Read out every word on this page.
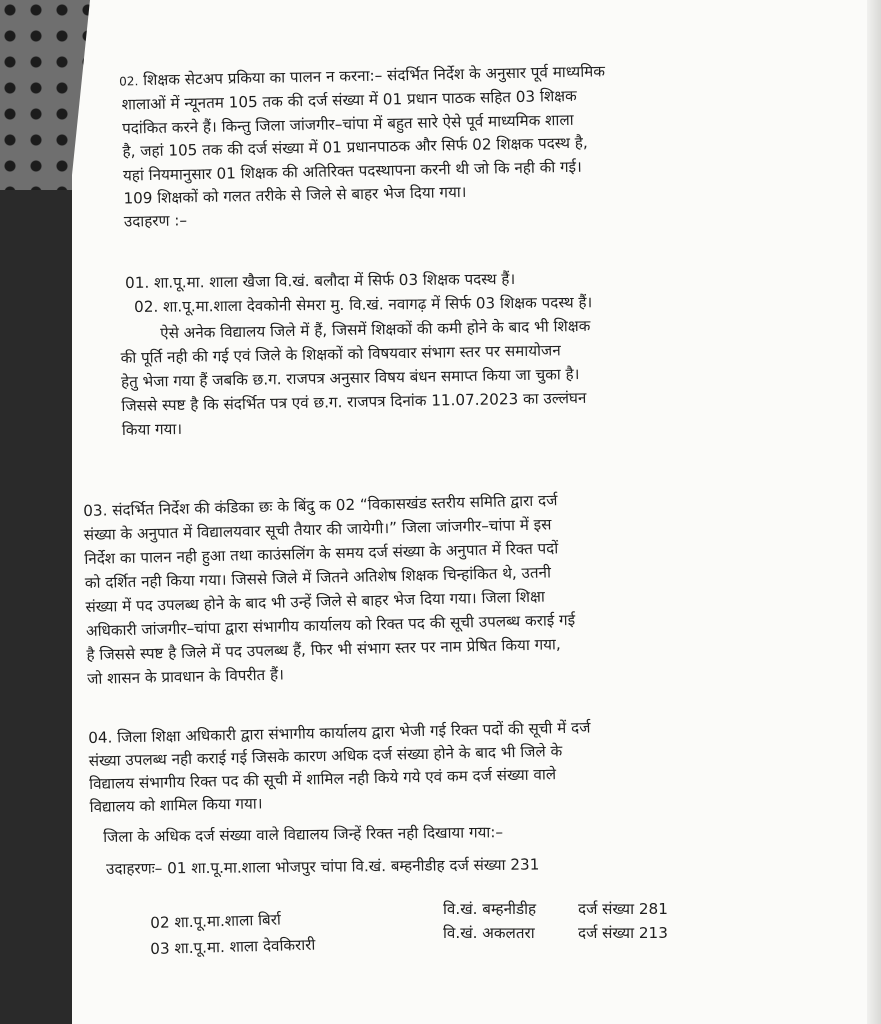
02. शिक्षक सेटअप प्रकिया का पालन न करना:– संदर्भित निर्देश के अनुसार पूर्व माध्यमिक
शालाओं में न्यूनतम 105 तक की दर्ज संख्या में 01 प्रधान पाठक सहित 03 शिक्षक
पदांकित करने हैं। किन्तु जिला जांजगीर–चांपा में बहुत सारे ऐसे पूर्व माध्यमिक शाला
है, जहां 105 तक की दर्ज संख्या में 01 प्रधानपाठक और सिर्फ 02 शिक्षक पदस्थ है,
यहां नियमानुसार 01 शिक्षक की अतिरिक्त पदस्थापना करनी थी जो कि नही की गई।
109 शिक्षकों को गलत तरीके से जिले से बाहर भेज दिया गया।
उदाहरण :–
01. शा.पू.मा. शाला खैजा वि.खं. बलौदा में सिर्फ 03 शिक्षक पदस्थ हैं।
02. शा.पू.मा.शाला देवकोनी सेमरा मु. वि.खं. नवागढ़ में सिर्फ 03 शिक्षक पदस्थ हैं।
ऐसे अनेक विद्यालय जिले में हैं, जिसमें शिक्षकों की कमी होने के बाद भी शिक्षक
की पूर्ति नही की गई एवं जिले के शिक्षकों को विषयवार संभाग स्तर पर समायोजन
हेतु भेजा गया हैं जबकि छ.ग. राजपत्र अनुसार विषय बंधन समाप्त किया जा चुका है।
जिससे स्पष्ट है कि संदर्भित पत्र एवं छ.ग. राजपत्र दिनांक 11.07.2023 का उल्लंघन
किया गया।
03. संदर्भित निर्देश की कंडिका छः के बिंदु क 02 “विकासखंड स्तरीय समिति द्वारा दर्ज
संख्या के अनुपात में विद्यालयवार सूची तैयार की जायेगी।” जिला जांजगीर–चांपा में इस
निर्देश का पालन नही हुआ तथा काउंसलिंग के समय दर्ज संख्या के अनुपात में रिक्त पदों
को दर्शित नही किया गया। जिससे जिले में जितने अतिशेष शिक्षक चिन्हांकित थे, उतनी
संख्या में पद उपलब्ध होने के बाद भी उन्हें जिले से बाहर भेज दिया गया। जिला शिक्षा
अधिकारी जांजगीर–चांपा द्वारा संभागीय कार्यालय को रिक्त पद की सूची उपलब्ध कराई गई
है जिससे स्पष्ट है जिले में पद उपलब्ध हैं, फिर भी संभाग स्तर पर नाम प्रेषित किया गया,
जो शासन के प्रावधान के विपरीत हैं।
04. जिला शिक्षा अधिकारी द्वारा संभागीय कार्यालय द्वारा भेजी गई रिक्त पदों की सूची में दर्ज
संख्या उपलब्ध नही कराई गई जिसके कारण अधिक दर्ज संख्या होने के बाद भी जिले के
विद्यालय संभागीय रिक्त पद की सूची में शामिल नही किये गये एवं कम दर्ज संख्या वाले
विद्यालय को शामिल किया गया।
जिला के अधिक दर्ज संख्या वाले विद्यालय जिन्हें रिक्त नही दिखाया गया:–
उदाहरणः– 01 शा.पू.मा.शाला भोजपुर चांपा वि.खं. बम्हनीडीह दर्ज संख्या 231
02 शा.पू.मा.शाला बिर्रा
वि.खं. बम्हनीडीह	दर्ज संख्या 281
03 शा.पू.मा. शाला देवकिरारी
वि.खं. अकलतरा	दर्ज संख्या 213
